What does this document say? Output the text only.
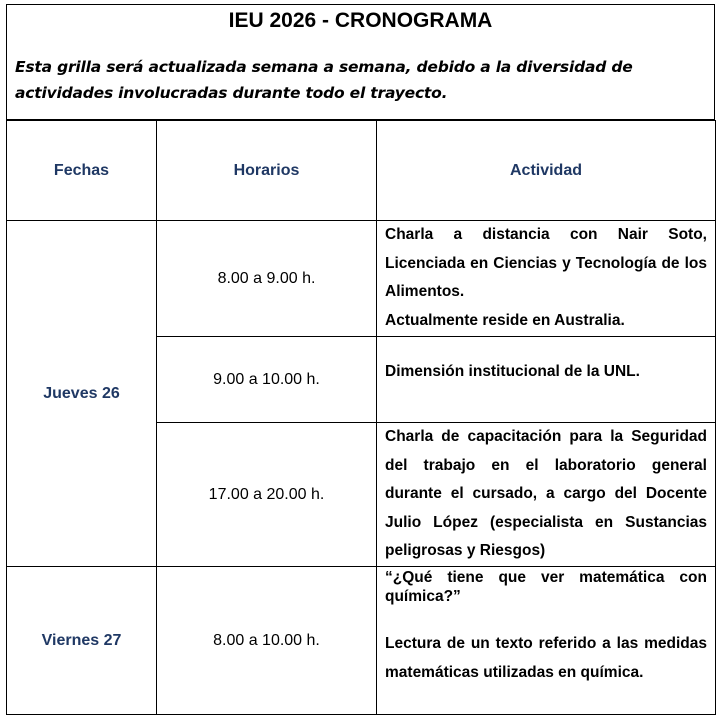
IEU 2026 - CRONOGRAMA
Esta grilla será actualizada semana a semana, debido a la diversidad de actividades involucradas durante todo el trayecto.
Fechas	Horarios	Actividad
Jueves 26	8.00 a 9.00 h.	Charla a distancia con Nair Soto, Licenciada en Ciencias y Tecnología de los Alimentos.

Actualmente reside en Australia.

	9.00 a 10.00 h.	Dimensión institucional de la UNL.

	17.00 a 20.00 h.	Charla de capacitación para la Seguridad del trabajo en el laboratorio general durante el cursado, a cargo del Docente Julio López (especialista en Sustancias peligrosas y Riesgos)

Viernes 27	8.00 a 10.00 h.	“¿Qué tiene que ver matemática con química?”

Lectura de un texto referido a las medidas matemáticas utilizadas en química.
